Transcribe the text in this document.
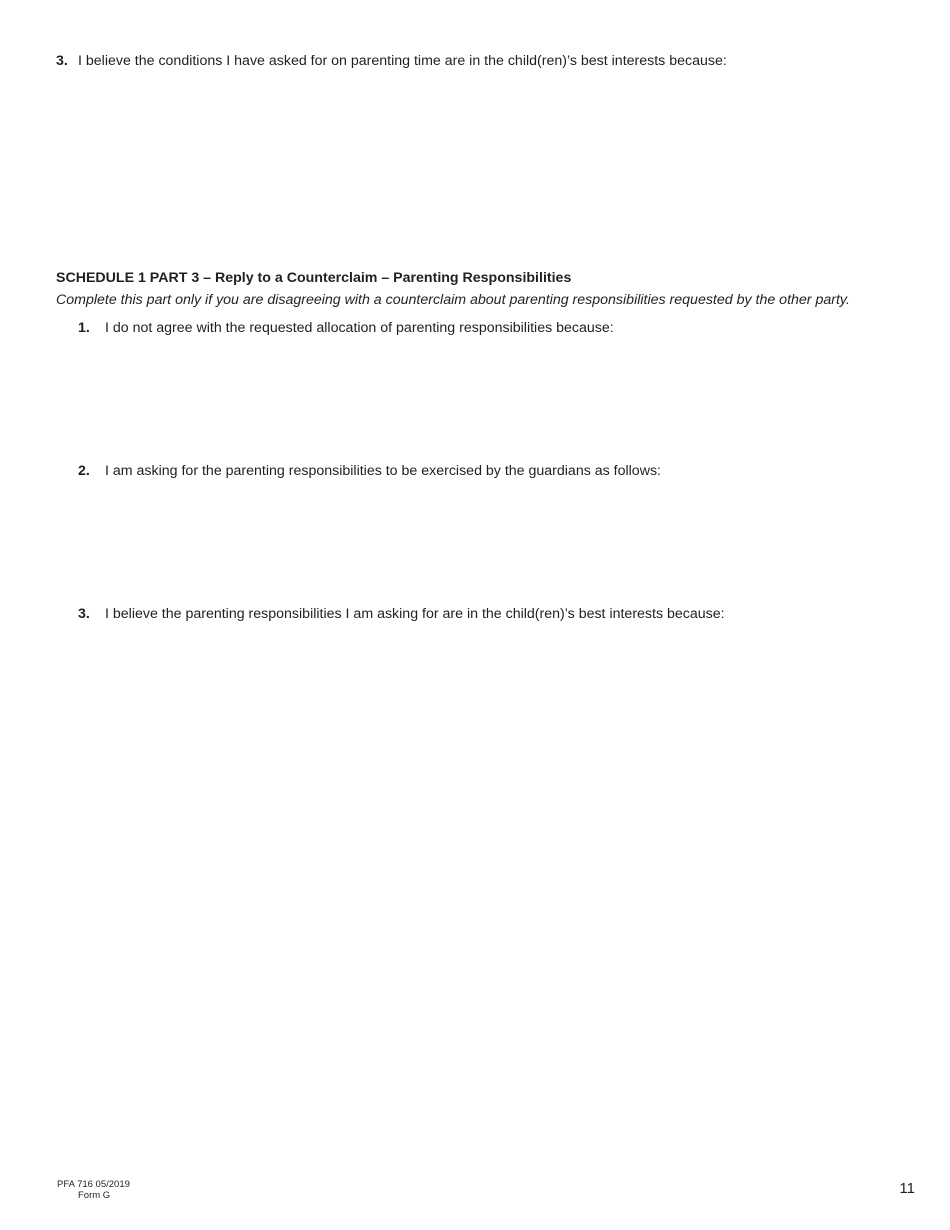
3. I believe the conditions I have asked for on parenting time are in the child(ren)’s best interests because:
SCHEDULE 1 PART 3 – Reply to a Counterclaim – Parenting Responsibilities
Complete this part only if you are disagreeing with a counterclaim about parenting responsibilities requested by the other party.
1. I do not agree with the requested allocation of parenting responsibilities because:
2. I am asking for the parenting responsibilities to be exercised by the guardians as follows:
3. I believe the parenting responsibilities I am asking for are in the child(ren)’s best interests because:
PFA 716 05/2019
Form G	11
